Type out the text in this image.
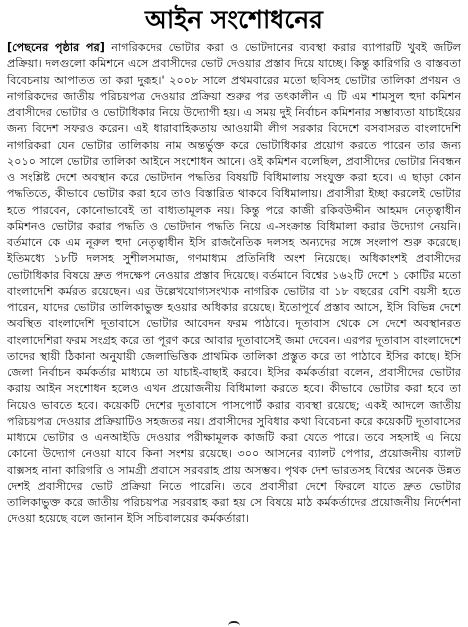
আইন সংশোধনের
[পেছনের পৃষ্ঠার পর] নাগরিকদের ভোটার করা ও ভোটদানের ব্যবস্থা করার ব্যাপারটি খুবই জটিল প্রক্রিয়া। দলগুলো কমিশনে এসে প্রবাসীদের ভোট দেওয়ার প্রস্তাব দিয়ে যাচ্ছে। কিন্তু কারিগরি ও বাস্তবতা বিবেচনায় আপাতত তা করা দুরূহ।' ২০০৮ সালে প্রথমবারের মতো ছবিসহ ভোটার তালিকা প্রণয়ন ও নাগরিকদের জাতীয় পরিচয়পত্র দেওয়ার প্রক্রিয়া শুরুর পর তৎকালীন এ টি এম শামসুল হুদা কমিশন প্রবাসীদের ভোটার ও ভোটাধিকার নিয়ে উদ্যোগী হয়। এ সময় দুই নির্বাচন কমিশনার সম্ভাব্যতা যাচাইয়ের জন্য বিদেশ সফরও করেন। এই ধারাবাহিকতায় আওয়ামী লীগ সরকার বিদেশে বসবাসরত বাংলাদেশি নাগরিকরা যেন ভোটার তালিকায় নাম অন্তর্ভুক্ত করে ভোটাধিকার প্রয়োগ করতে পারেন তার জন্য ২০১০ সালে ভোটার তালিকা আইনে সংশোধন আনে। ওই কমিশন বলেছিল, প্রবাসীদের ভোটার নিবন্ধন ও সংশ্লিষ্ট দেশে অবস্থান করে ভোটদান পদ্ধতির বিষয়টি বিধিমালায় সংযুক্ত করা হবে। এ ছাড়া কোন পদ্ধতিতে, কীভাবে ভোটার করা হবে তাও বিস্তারিত থাকবে বিধিমালায়। প্রবাসীরা ইচ্ছা করলেই ভোটার হতে পারবেন, কোনোভাবেই তা বাধ্যতামূলক নয়। কিন্তু পরে কাজী রকিবউদ্দীন আহমদ নেতৃত্বাধীন কমিশনও ভোটার করার পদ্ধতি ও ভোটদান পদ্ধতি নিয়ে এ-সংক্রান্ত বিধিমালা করার উদ্যোগ নেয়নি। বর্তমানে কে এম নূরুল হুদা নেতৃত্বাধীন ইসি রাজনৈতিক দলসহ অন্যদের সঙ্গে সংলাপ শুরু করেছে। ইতিমধ্যে ১৮টি দলসহ সুশীলসমাজ, গণমাধ্যম প্রতিনিধি অংশ নিয়েছে। অধিকাংশই প্রবাসীদের ভোটাধিকার বিষয়ে দ্রুত পদক্ষেপ নেওয়ার প্রস্তাব দিয়েছে। বর্তমানে বিশ্বের ১৬২টি দেশে ১ কোটির মতো বাংলাদেশি কর্মরত রয়েছেন। এর উল্লেখযোগ্যসংখ্যক নাগরিক ভোটার বা ১৮ বছরের বেশি বয়সী হতে পারেন, যাদের ভোটার তালিকাভুক্ত হওয়ার অধিকার রয়েছে। ইতোপূর্বে প্রস্তাব আসে, ইসি বিভিন্ন দেশে অবস্থিত বাংলাদেশি দূতাবাসে ভোটার আবেদন ফরম পাঠাবে। দূতাবাস থেকে সে দেশে অবস্থানরত বাংলাদেশিরা ফরম সংগ্রহ করে তা পূরণ করে আবার দূতাবাসেই জমা দেবেন। এরপর দূতাবাস বাংলাদেশে তাদের স্থায়ী ঠিকানা অনুযায়ী জেলাভিত্তিক প্রাথমিক তালিকা প্রস্তুত করে তা পাঠাবে ইসির কাছে। ইসি জেলা নির্বাচন কর্মকর্তার মাধ্যমে তা যাচাই-বাছাই করবে। ইসির কর্মকর্তারা বলেন, প্রবাসীদের ভোটার করায় আইন সংশোধন হলেও এখন প্রয়োজনীয় বিধিমালা করতে হবে। কীভাবে ভোটার করা হবে তা নিয়েও ভাবতে হবে। কয়েকটি দেশের দূতাবাসে পাসপোর্ট করার ব্যবস্থা রয়েছে; একই আদলে জাতীয় পরিচয়পত্র দেওয়ার প্রক্রিয়াটিও সহজতর নয়। প্রবাসীদের সুবিধার কথা বিবেচনা করে কয়েকটি দূতাবাসের মাধ্যমে ভোটার ও এনআইডি দেওয়ার পরীক্ষামূলক কাজটি করা যেতে পারে। তবে সহসাই এ নিয়ে কোনো উদ্যোগ নেওয়া যাবে কিনা সংশয় রয়েছে। ৩০০ আসনের ব্যালট পেপার, প্রয়োজনীয় ব্যালট বাক্সসহ নানা কারিগরি ও সামগ্রী প্রবাসে সরবরাহ প্রায় অসম্ভব। পৃথক দেশ ভারতসহ বিশ্বের অনেক উন্নত দেশই প্রবাসীদের ভোট প্রক্রিয়া নিতে পারেনি। তবে প্রবাসীরা দেশে ফিরলে যাতে দ্রুত ভোটার তালিকাভুক্ত করে জাতীয় পরিচয়পত্র সরবরাহ করা হয় সে বিষয়ে মাঠ কর্মকর্তাদের প্রয়োজনীয় নির্দেশনা দেওয়া হয়েছে বলে জানান ইসি সচিবালয়ের কর্মকর্তারা।
